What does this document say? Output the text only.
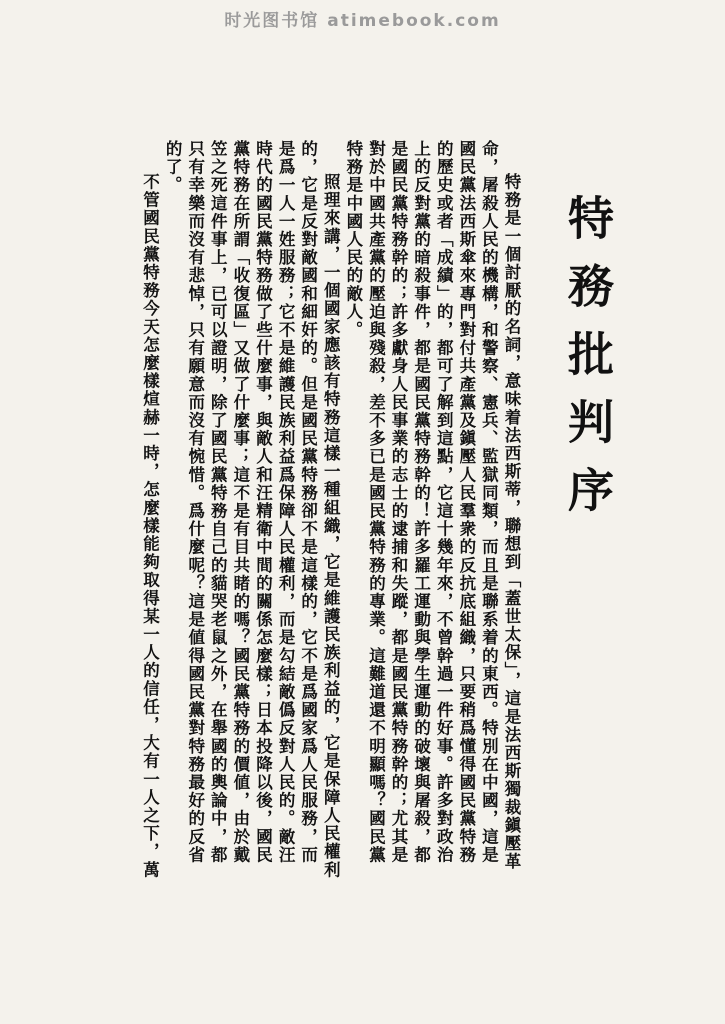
时光图书馆 atimebook.com
特務批判序
特務是一個討厭的名詞，意味着法西斯蒂，聯想到「蓋世太保」，這是法西斯獨裁鎭壓革命，屠殺人民的機構，和警察、憲兵、監獄同類，而且是聯系着的東西。特別在中國，這是國民黨法西斯傘來專門對付共產黨及鎭壓人民羣衆的反抗底組織，只要稍爲懂得國民黨特務的歷史或者「成績」的，都可了解到這點，它這十幾年來，不曾幹過一件好事。許多對政治上的反對黨的暗殺事件，都是國民黨特務幹的！許多羅工運動與學生運動的破壞與屠殺，都是國民黨特務幹的；許多獻身人民事業的志士的逮捕和失蹤，都是國民黨特務幹的；尤其是對於中國共產黨的壓迫與殘殺，差不多已是國民黨特務的專業。這難道還不明顯嗎？國民黨特務是中國人民的敵人。
照理來講，一個國家應該有特務這樣一種組織，它是維護民族利益的，它是保障人民權利的，它是反對敵國和細奸的。但是國民黨特務卻不是這樣的，它不是爲國家爲人民服務，而是爲一人一姓服務；它不是維護民族利益爲保障人民權利，而是勾結敵僞反對人民的。敵汪時代的國民黨特務做了些什麼事，與敵人和汪精衛中間的關係怎麼樣；日本投降以後，國民黨特務在所謂「收復區」又做了什麼事；這不是有目共睹的嗎？國民黨特務的價値，由於戴笠之死這件事上，已可以證明，除了國民黨特務自己的貓哭老鼠之外，在舉國的輿論中，都只有幸樂而沒有悲悼，只有願意而沒有惋惜。爲什麼呢？這是値得國民黨對特務最好的反省的了。
不管國民黨特務今天怎麼樣煊赫一時，怎麼樣能夠取得某一人的信任，大有一人之下，萬
